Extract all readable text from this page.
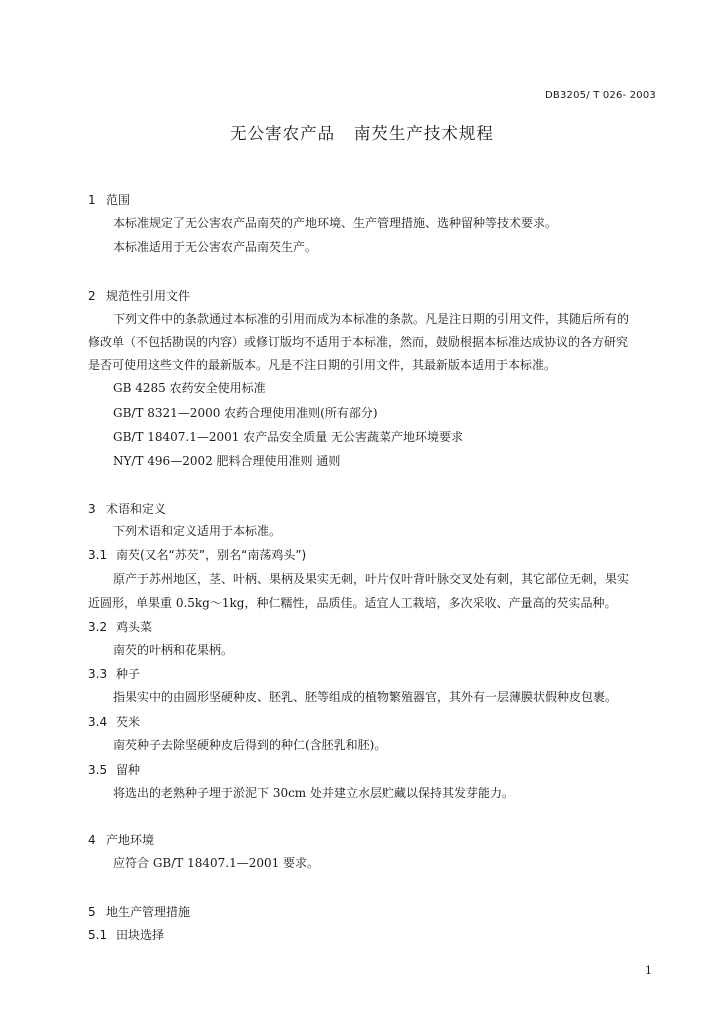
DB3205/ T 026- 2003
无公害农产品   南芡生产技术规程
1 范围
本标准规定了无公害农产品南芡的产地环境、生产管理措施、选种留种等技术要求。
本标准适用于无公害农产品南芡生产。
2 规范性引用文件
下列文件中的条款通过本标准的引用而成为本标准的条款。凡是注日期的引用文件，其随后所有的
修改单（不包括勘误的内容）或修订版均不适用于本标准，然而，鼓励根据本标准达成协议的各方研究
是否可使用这些文件的最新版本。凡是不注日期的引用文件，其最新版本适用于本标准。
GB 4285 农药安全使用标准
GB/T 8321—2000 农药合理使用准则(所有部分)
GB/T 18407.1—2001 农产品安全质量 无公害蔬菜产地环境要求
NY/T 496—2002 肥料合理使用准则 通则
3 术语和定义
下列术语和定义适用于本标准。
3.1 南芡(又名“苏芡”，别名“南荡鸡头”)
原产于苏州地区，茎、叶柄、果柄及果实无刺，叶片仅叶背叶脉交叉处有刺，其它部位无刺，果实
近圆形，单果重 0.5kg～1kg，种仁糯性，品质佳。适宜人工栽培，多次采收、产量高的芡实品种。
3.2 鸡头菜
南芡的叶柄和花果柄。
3.3 种子
指果实中的由圆形坚硬种皮、胚乳、胚等组成的植物繁殖器官，其外有一层薄膜状假种皮包裹。
3.4 芡米
南芡种子去除坚硬种皮后得到的种仁(含胚乳和胚)。
3.5 留种
将选出的老熟种子埋于淤泥下 30cm 处并建立水层贮藏以保持其发芽能力。
4 产地环境
应符合 GB/T 18407.1—2001 要求。
5 地生产管理措施
5.1 田块选择
1
